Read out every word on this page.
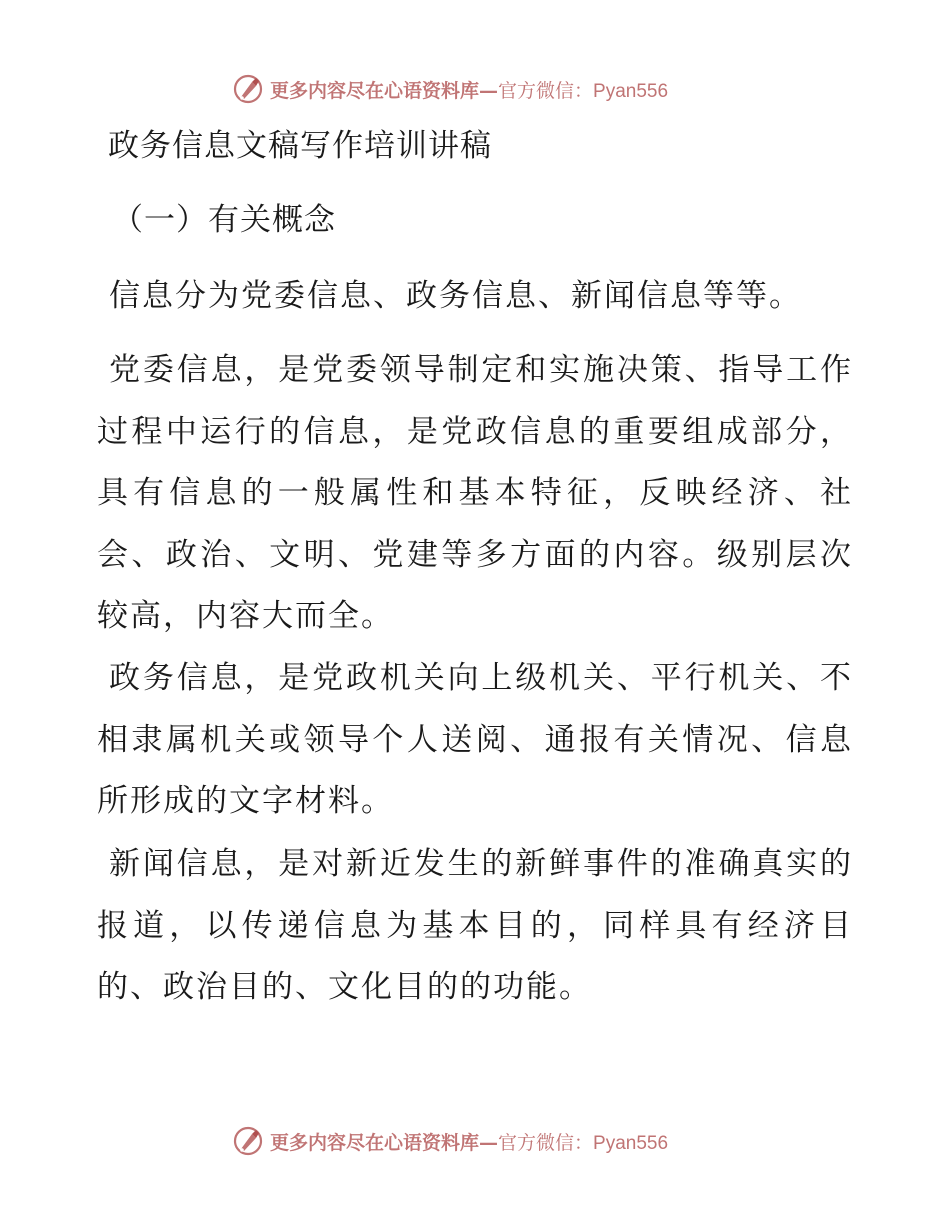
更多内容尽在心语资料库— 官方微信：Pyan556
政务信息文稿写作培训讲稿
（一）有关概念

信息分为党委信息、政务信息、新闻信息等等。

党委信息，是党委领导制定和实施决策、指导工作过程中运行的信息，是党政信息的重要组成部分，具有信息的一般属性和基本特征，反映经济、社会、政治、文明、党建等多方面的内容。级别层次较高，内容大而全。

政务信息，是党政机关向上级机关、平行机关、不相隶属机关或领导个人送阅、通报有关情况、信息所形成的文字材料。

新闻信息，是对新近发生的新鲜事件的准确真实的报道，以传递信息为基本目的，同样具有经济目的、政治目的、文化目的的功能。

更多内容尽在心语资料库— 官方微信：Pyan556
